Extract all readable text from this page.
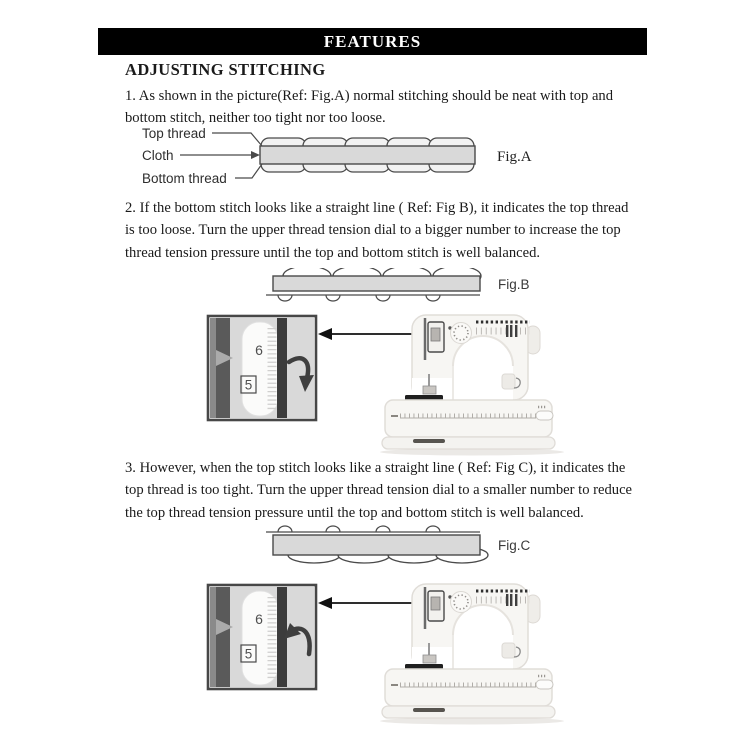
FEATURES
ADJUSTING STITCHING
1. As shown in the picture(Ref: Fig.A) normal stitching should be neat with top and
bottom stitch, neither too tight nor too loose.
Top thread
Cloth
Bottom thread
Fig.A
2. If the bottom stitch looks like a straight line ( Ref: Fig B), it indicates the top thread
is too loose. Turn the upper thread tension dial to a bigger number to increase the top
thread tension pressure until the top and bottom stitch is well balanced.
Fig.B
3. However, when the top stitch looks like a straight line ( Ref: Fig C), it indicates the
top thread is too tight. Turn the upper thread tension dial to a smaller number to reduce
the top thread tension pressure until the top and bottom stitch is well balanced.
Fig.C
